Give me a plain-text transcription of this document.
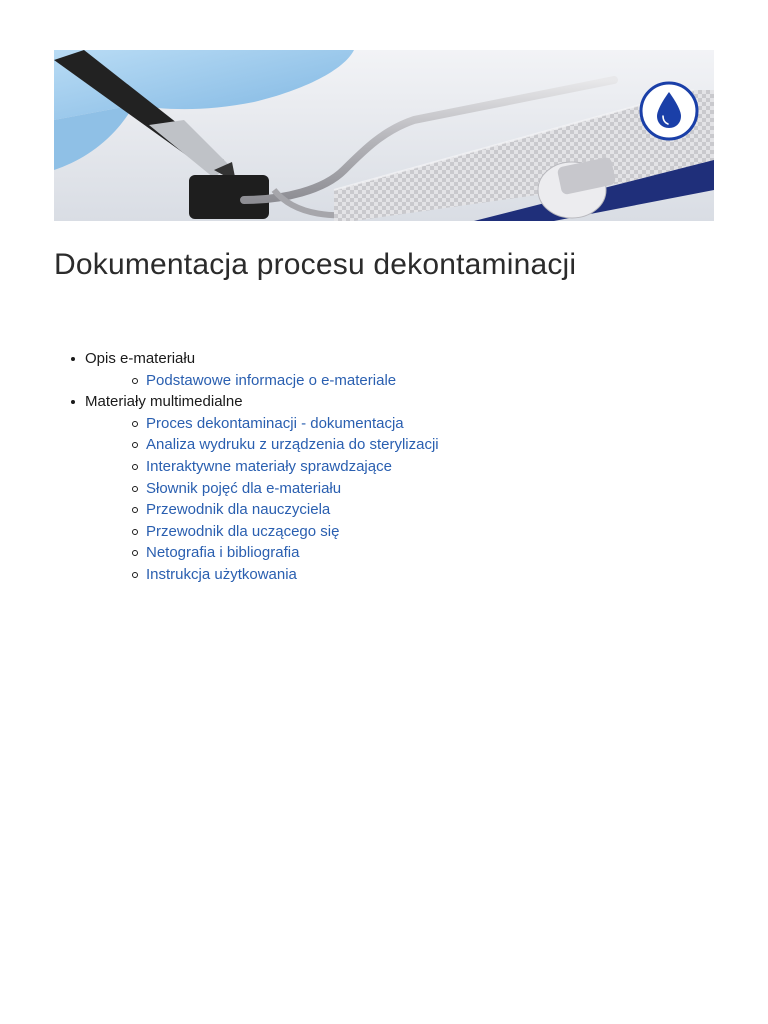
Dokumentacja procesu dekontaminacji
Opis e-materiału
Podstawowe informacje o e-materiale
Materiały multimedialne
Proces dekontaminacji - dokumentacja
Analiza wydruku z urządzenia do sterylizacji
Interaktywne materiały sprawdzające
Słownik pojęć dla e-materiału
Przewodnik dla nauczyciela
Przewodnik dla uczącego się
Netografia i bibliografia
Instrukcja użytkowania
